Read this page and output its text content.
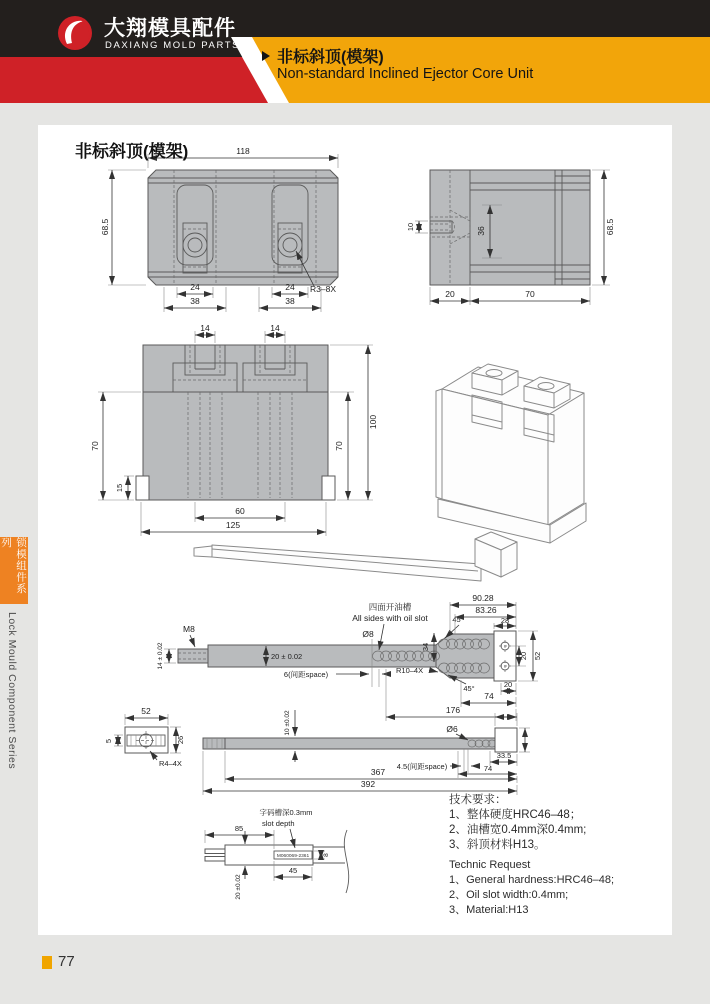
大翔模具配件
DAXIANG MOLD PARTS
非标斜顶(模架)
Non-standard Inclined Ejector Core Unit
锁模组件系列
Lock Mould Component Series
非标斜顶(模架)	118
68.5
24
38
24
38
R3–8X
10	36	68.5
20	70
14	14
70
15
100
70
60
125
M8
14 ± 0.02	20 ± 0.02
四面开油槽
All sides with oil slot
Ø8
6(间距space)
45°
45°
34
R10–4X
90.28
83.26
28
20 52
20
74
176
52
5	26
R4–4X
10 ±0.02	Ø6
33.5
4.5(间距space)	74
367
392
M060069-2361
字码槽深0.3mm
slot depth
85
20 ±0.02
45
8
技术要求：
1、整体硬度HRC46–48；
2、油槽宽0.4mm深0.4mm;
3、斜顶材料H13。
Technic Request
1、General hardness:HRC46–48;
2、Oil slot width:0.4mm;
3、Material:H13
77
